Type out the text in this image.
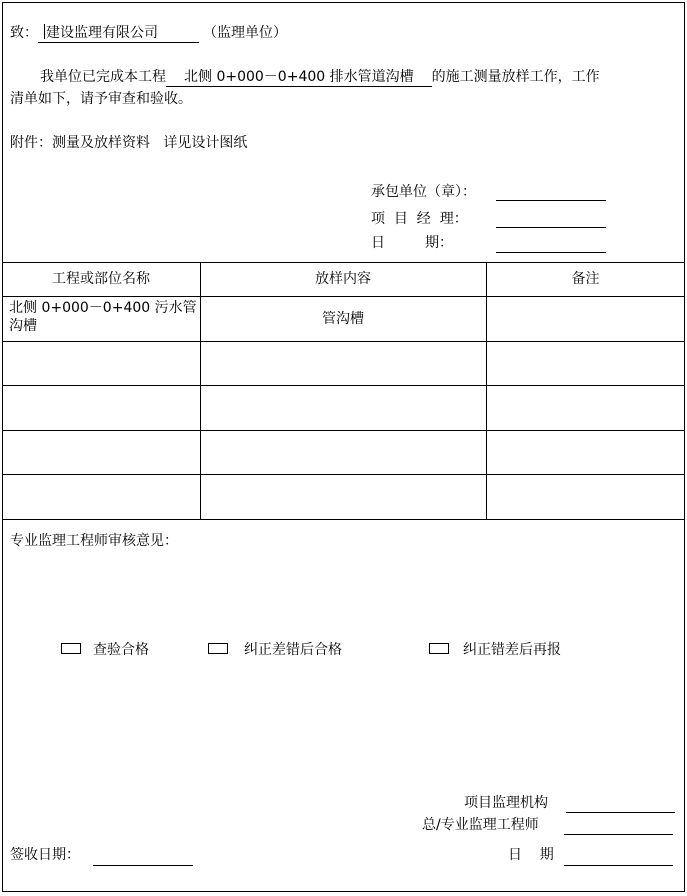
致： 建设监理有限公司	（监理单位）
我单位已完成本工程 北侧 0+000－0+400 排水管道沟槽 的施工测量放样工作，工作
清单如下，请予审查和验收。
附件：测量及放样资料   详见设计图纸
承包单位（章）：
项  目  经  理：
日         期：
工程或部位名称	放样内容	备注
北侧 0+000－0+400 污水管沟槽	管沟槽
专业监理工程师审核意见：
查验合格	纠正差错后合格	纠正错差后再报
项目监理机构
总/专业监理工程师
签收日期：	日    期
